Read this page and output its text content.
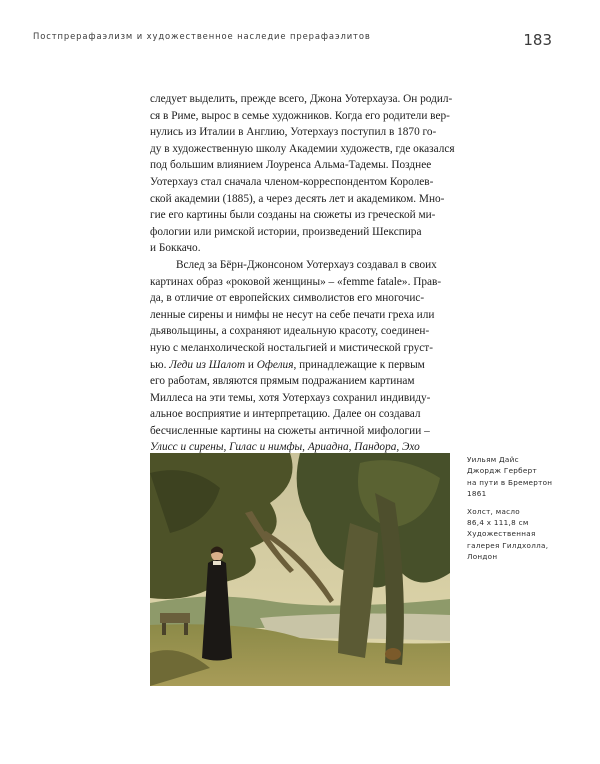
Постпрерафаэлизм и художественное наследие прерафаэлитов	183
следует выделить, прежде всего, Джона Уотерхауза. Он родил-
ся в Риме, вырос в семье художников. Когда его родители вер-
нулись из Италии в Англию, Уотерхауз поступил в 1870 го-
ду в художественную школу Академии художеств, где оказался
под большим влиянием Лоуренса Альма-Тадемы. Позднее
Уотерхауз стал сначала членом-корреспондентом Королев-
ской академии (1885), а через десять лет и академиком. Мно-
гие его картины были созданы на сюжеты из греческой ми-
фологии или римской истории, произведений Шекспира
и Боккачо.
Вслед за Бёрн-Джонсоном Уотерхауз создавал в своих
картинах образ «роковой женщины» – «femme fatale». Прав-
да, в отличие от европейских символистов его многочис-
ленные сирены и нимфы не несут на себе печати греха или
дьявольщины, а сохраняют идеальную красоту, соединен-
ную с меланхолической ностальгией и мистической груст-
ью. Леди из Шалот и Офелия, принадлежащие к первым
его работам, являются прямым подражанием картинам
Миллеса на эти темы, хотя Уотерхауз сохранил индивиду-
альное восприятие и интерпретацию. Далее он создавал
бесчисленные картины на сюжеты античной мифологии –
Улисс и сирены, Гилас и нимфы, Ариадна, Пандора, Эхо
Уильям Дайс
Джордж Герберт
на пути в Бремертон
1861
Холст, масло
86,4 x 111,8 см
Художественная
галерея Гилдхолла,
Лондон
